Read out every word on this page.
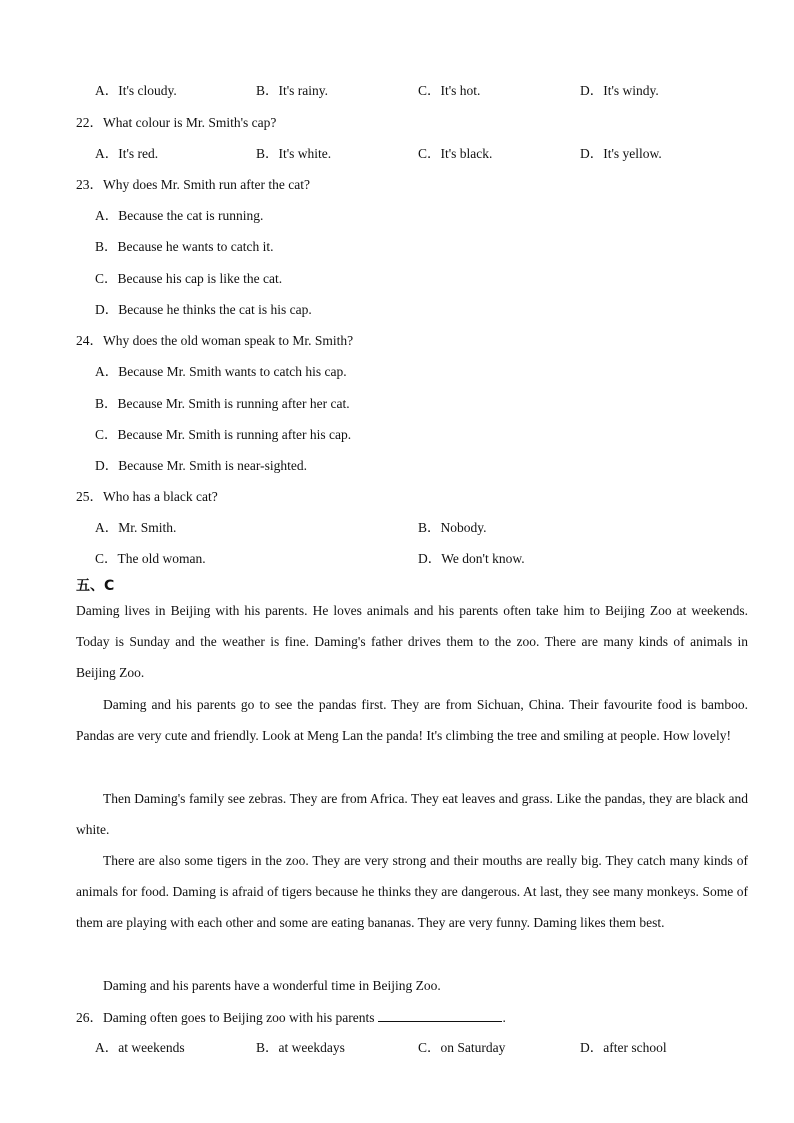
A．It's cloudy.	B．It's rainy.	C．It's hot.	D．It's windy.
22．What colour is Mr. Smith's cap?
A．It's red.	B．It's white.	C．It's black.	D．It's yellow.
23．Why does Mr. Smith run after the cat?
A．Because the cat is running.
B．Because he wants to catch it.
C．Because his cap is like the cat.
D．Because he thinks the cat is his cap.
24．Why does the old woman speak to Mr. Smith?
A．Because Mr. Smith wants to catch his cap.
B．Because Mr. Smith is running after her cat.
C．Because Mr. Smith is running after his cap.
D．Because Mr. Smith is near-sighted.
25．Who has a black cat?
A．Mr. Smith.	B．Nobody.
C．The old woman.	D．We don't know.
五、C
Daming lives in Beijing with his parents. He loves animals and his parents often take him to Beijing Zoo at weekends. Today is Sunday and the weather is fine. Daming's father drives them to the zoo. There are many kinds of animals in Beijing Zoo.
Daming and his parents go to see the pandas first. They are from Sichuan, China. Their favourite food is bamboo. Pandas are very cute and friendly. Look at Meng Lan the panda! It's climbing the tree and smiling at people. How lovely!
Then Daming's family see zebras. They are from Africa. They eat leaves and grass. Like the pandas, they are black and white.
There are also some tigers in the zoo. They are very strong and their mouths are really big. They catch many kinds of animals for food. Daming is afraid of tigers because he thinks they are dangerous. At last, they see many monkeys. Some of them are playing with each other and some are eating bananas. They are very funny. Daming likes them best.
Daming and his parents have a wonderful time in Beijing Zoo.
26．Daming often goes to Beijing zoo with his parents	.
A．at weekends	B．at weekdays	C．on Saturday	D．after school
